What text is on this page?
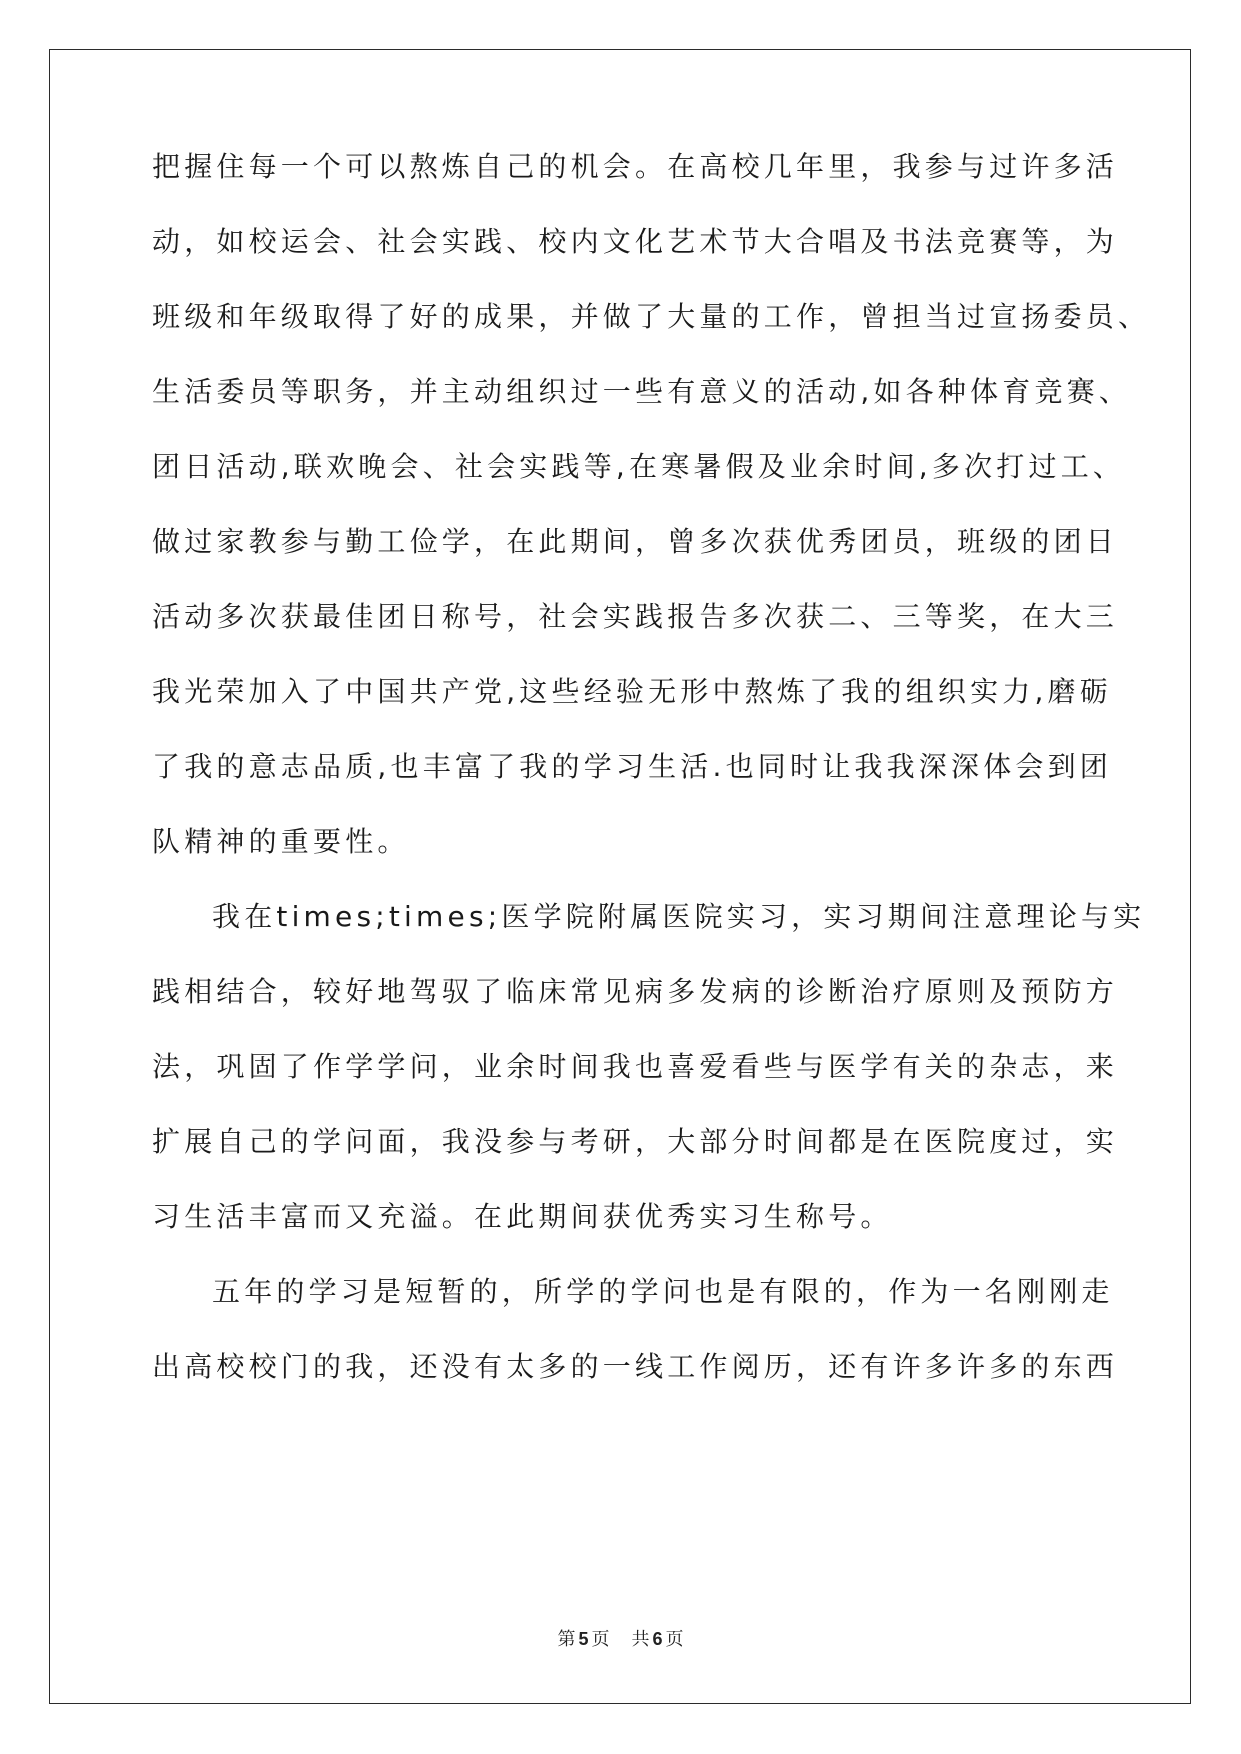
把握住每一个可以熬炼自己的机会。在高校几年里，我参与过许多活
动，如校运会、社会实践、校内文化艺术节大合唱及书法竞赛等，为
班级和年级取得了好的成果，并做了大量的工作，曾担当过宣扬委员、
生活委员等职务，并主动组织过一些有意义的活动,如各种体育竞赛、
团日活动,联欢晚会、社会实践等,在寒暑假及业余时间,多次打过工、
做过家教参与勤工俭学，在此期间，曾多次获优秀团员，班级的团日
活动多次获最佳团日称号，社会实践报告多次获二、三等奖，在大三
我光荣加入了中国共产党,这些经验无形中熬炼了我的组织实力,磨砺
了我的意志品质,也丰富了我的学习生活.也同时让我我深深体会到团
队精神的重要性。
我在times;times;医学院附属医院实习，实习期间注意理论与实
践相结合，较好地驾驭了临床常见病多发病的诊断治疗原则及预防方
法，巩固了作学学问，业余时间我也喜爱看些与医学有关的杂志，来
扩展自己的学问面，我没参与考研，大部分时间都是在医院度过，实
习生活丰富而又充溢。在此期间获优秀实习生称号。
五年的学习是短暂的，所学的学问也是有限的，作为一名刚刚走
出高校校门的我，还没有太多的一线工作阅历，还有许多许多的东西
第 5 页 共 6 页
